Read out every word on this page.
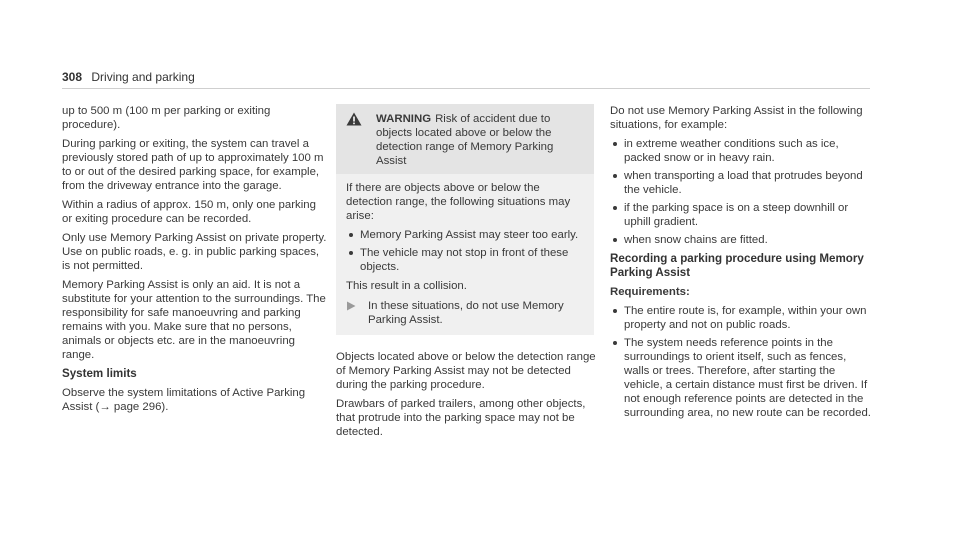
308 Driving and parking

up to 500 m (100 m per parking or exiting procedure).

During parking or exiting, the system can travel a previously stored path of up to approximately 100 m to or out of the desired parking space, for example, from the driveway entrance into the garage.

Within a radius of approx. 150 m, only one parking or exiting procedure can be recorded.

Only use Memory Parking Assist on private property. Use on public roads, e. g. in public parking spaces, is not permitted.

Memory Parking Assist is only an aid. It is not a substitute for your attention to the surroundings. The responsibility for safe manoeuvring and parking remains with you. Make sure that no persons, animals or objects etc. are in the manoeuvring range.

System limits

Observe the system limitations of Active Parking Assist (→ page 296).

WARNING Risk of accident due to objects located above or below the detection range of Memory Parking Assist

If there are objects above or below the detection range, the following situations may arise:

Memory Parking Assist may steer too early.
The vehicle may not stop in front of these objects.

This result in a collision.

In these situations, do not use Memory Parking Assist.

Objects located above or below the detection range of Memory Parking Assist may not be detected during the parking procedure.

Drawbars of parked trailers, among other objects, that protrude into the parking space may not be detected.

Do not use Memory Parking Assist in the following situations, for example:

in extreme weather conditions such as ice, packed snow or in heavy rain.
when transporting a load that protrudes beyond the vehicle.
if the parking space is on a steep downhill or uphill gradient.
when snow chains are fitted.

Recording a parking procedure using Memory Parking Assist

Requirements:

The entire route is, for example, within your own property and not on public roads.
The system needs reference points in the surroundings to orient itself, such as fences, walls or trees. Therefore, after starting the vehicle, a certain distance must first be driven. If not enough reference points are detected in the surrounding area, no new route can be recorded.
